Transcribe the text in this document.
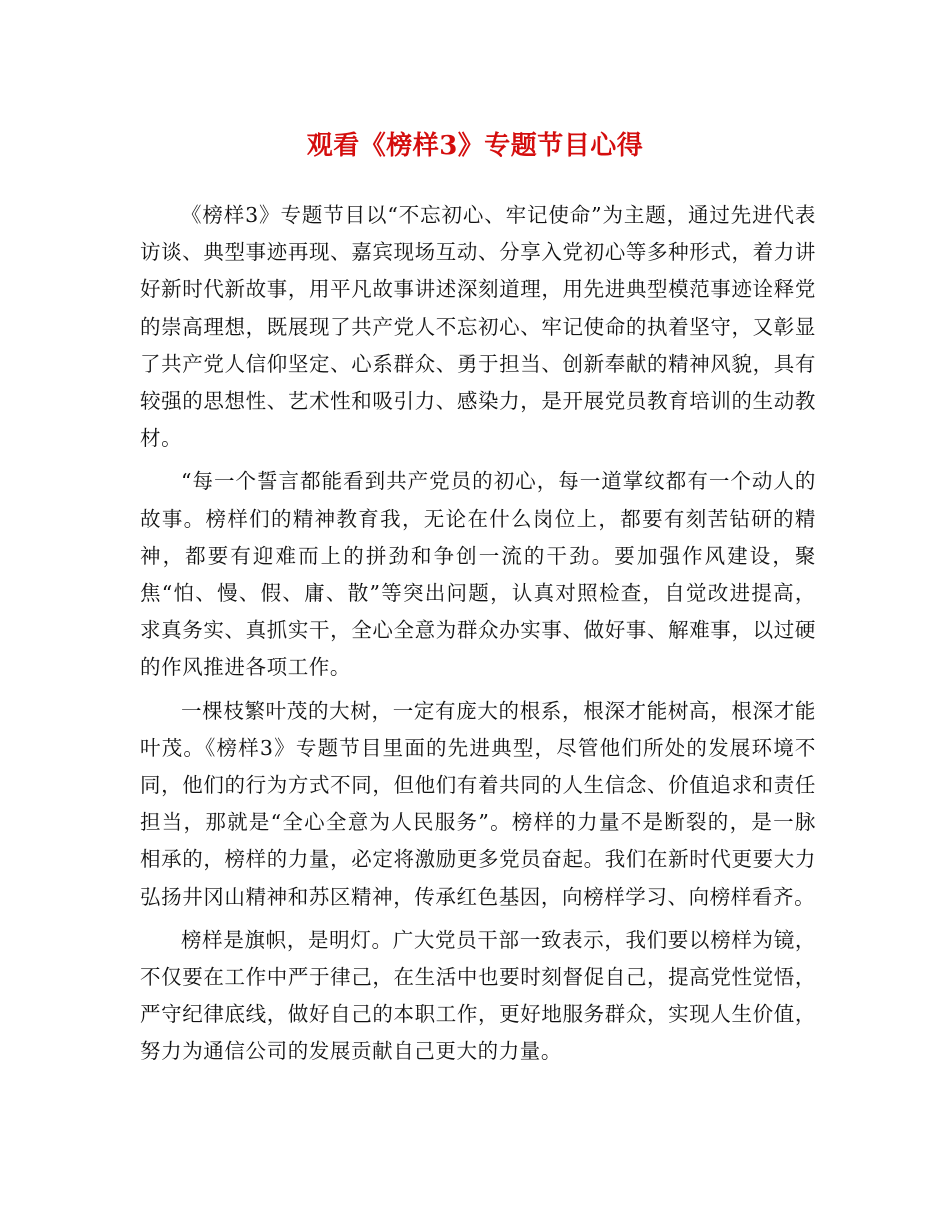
观看《榜样3》专题节目心得

《榜样3》专题节目以“不忘初心、牢记使命”为主题，通过先进代表访谈、典型事迹再现、嘉宾现场互动、分享入党初心等多种形式，着力讲好新时代新故事，用平凡故事讲述深刻道理，用先进典型模范事迹诠释党的崇高理想，既展现了共产党人不忘初心、牢记使命的执着坚守，又彰显了共产党人信仰坚定、心系群众、勇于担当、创新奉献的精神风貌，具有较强的思想性、艺术性和吸引力、感染力，是开展党员教育培训的生动教材。

“每一个誓言都能看到共产党员的初心，每一道掌纹都有一个动人的故事。榜样们的精神教育我，无论在什么岗位上，都要有刻苦钻研的精神，都要有迎难而上的拼劲和争创一流的干劲。要加强作风建设，聚焦“怕、慢、假、庸、散”等突出问题，认真对照检查，自觉改进提高，求真务实、真抓实干，全心全意为群众办实事、做好事、解难事，以过硬的作风推进各项工作。

一棵枝繁叶茂的大树，一定有庞大的根系，根深才能树高，根深才能叶茂。《榜样3》专题节目里面的先进典型，尽管他们所处的发展环境不同，他们的行为方式不同，但他们有着共同的人生信念、价值追求和责任担当，那就是“全心全意为人民服务”。榜样的力量不是断裂的，是一脉相承的，榜样的力量，必定将激励更多党员奋起。我们在新时代更要大力弘扬井冈山精神和苏区精神，传承红色基因，向榜样学习、向榜样看齐。

榜样是旗帜，是明灯。广大党员干部一致表示，我们要以榜样为镜，不仅要在工作中严于律己，在生活中也要时刻督促自己，提高党性觉悟，严守纪律底线，做好自己的本职工作，更好地服务群众，实现人生价值，努力为通信公司的发展贡献自己更大的力量。
